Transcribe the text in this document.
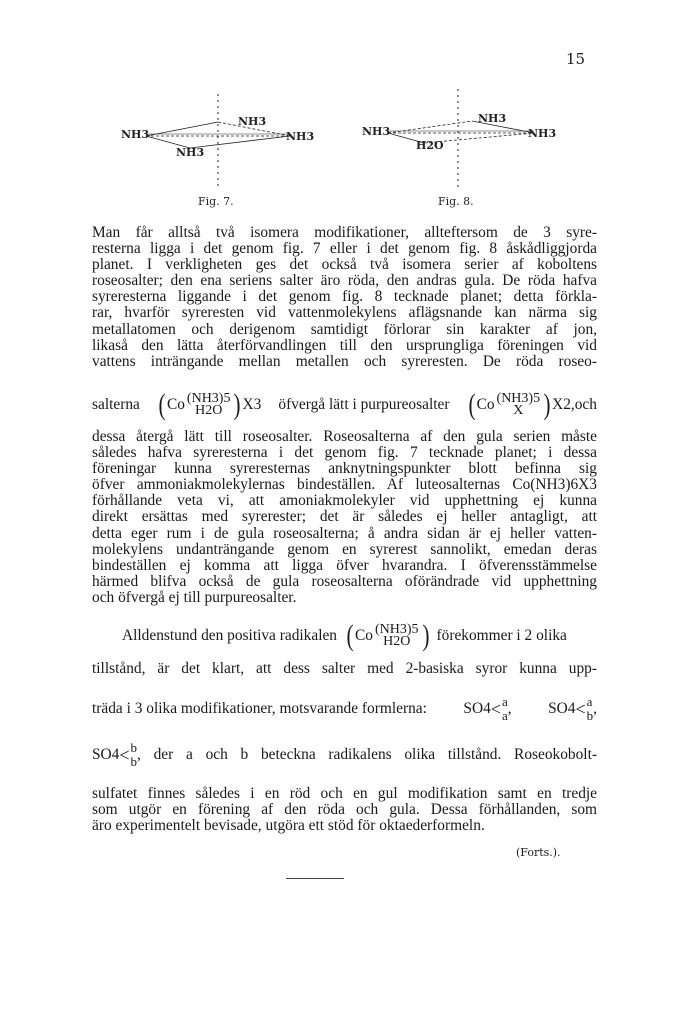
15
NH3
NH3
NH3
NH3
Fig. 7.
NH3
NH3
NH3
H2O
Fig. 8.
Man får alltså två isomera modifikationer, allteftersom de 3 syre-
resterna ligga i det genom fig. 7 eller i det genom fig. 8 åskådliggjorda
planet. I verkligheten ges det också två isomera serier af koboltens
roseosalter; den ena seriens salter äro röda, den andras gula. De röda hafva
syreresterna liggande i det genom fig. 8 tecknade planet; detta förkla-
rar, hvarför syreresten vid vattenmolekylens aflägsnande kan närma sig
metallatomen och derigenom samtidigt förlorar sin karakter af jon,
likaså den lätta återförvandlingen till den ursprungliga föreningen vid
vattens inträngande mellan metallen och syreresten. De röda roseo-
salterna ( Co (NH3)5
H2O ) X3 öfvergå lätt i purpureosalter ( Co (NH3)5
X ) X2,och
dessa återgå lätt till roseosalter. Roseosalterna af den gula serien måste
således hafva syreresterna i det genom fig. 7 tecknade planet; i dessa
föreningar kunna syreresternas anknytningspunkter blott befinna sig
öfver ammoniakmolekylernas bindeställen. Af luteosalternas Co(NH3)6X3
förhållande veta vi, att amoniakmolekyler vid upphettning ej kunna
direkt ersättas med syrerester; det är således ej heller antagligt, att
detta eger rum i de gula roseosalterna; å andra sidan är ej heller vatten-
molekylens undanträngande genom en syrerest sannolikt, emedan deras
bindeställen ej komma att ligga öfver hvarandra. I öfverensstämmelse
härmed blifva också de gula roseosalterna oförändrade vid upphettning
och öfvergå ej till purpureosalter.
Alldenstund den positiva radikalen ( Co (NH3)5
H2O ) förekommer i 2 olika
tillstånd, är det klart, att dess salter med 2-basiska syror kunna upp-
träda i 3 olika modifikationer, motsvarande formlerna: SO4 < a
a , SO4 < a
b ,
SO4 < b
b , der a och b beteckna radikalens olika tillstånd. Roseokobolt-
sulfatet finnes således i en röd och en gul modifikation samt en tredje
som utgör en förening af den röda och gula. Dessa förhållanden, som
äro experimentelt bevisade, utgöra ett stöd för oktaederformeln.
(Forts.).
